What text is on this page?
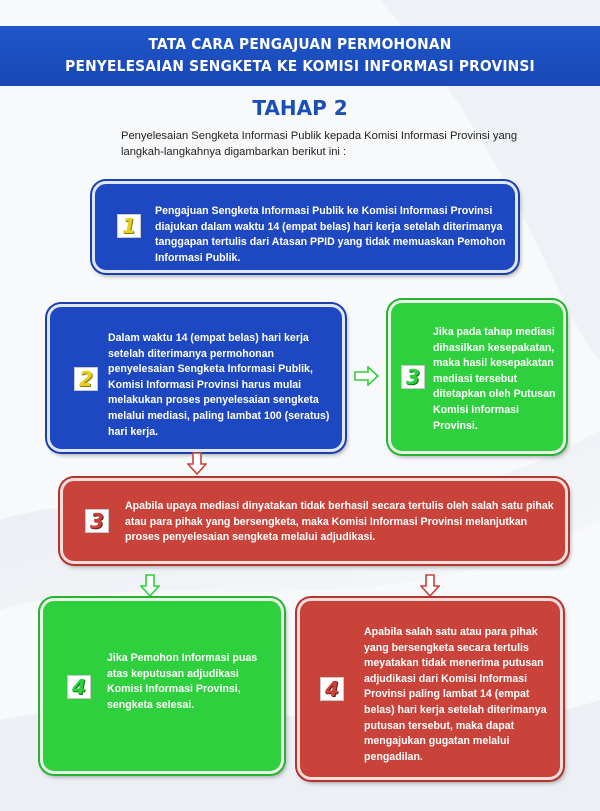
TATA CARA PENGAJUAN PERMOHONAN
PENYELESAIAN SENGKETA KE KOMISI INFORMASI PROVINSI
TAHAP 2
Penyelesaian Sengketa Informasi Publik kepada Komisi Informasi Provinsi yang langkah-langkahnya digambarkan berikut ini :
1
Pengajuan Sengketa Informasi Publik ke Komisi Informasi Provinsi diajukan dalam waktu 14 (empat belas) hari kerja setelah diterimanya tanggapan tertulis dari Atasan PPID yang tidak memuaskan Pemohon Informasi Publik.
2
Dalam waktu 14 (empat belas) hari kerja setelah diterimanya permohonan penyelesaian Sengketa Informasi Publik, Komisi Informasi Provinsi harus mulai melakukan proses penyelesaian sengketa melalui mediasi, paling lambat 100 (seratus) hari kerja.
3
Jika pada tahap mediasi dihasilkan kesepakatan, maka hasil kesepakatan mediasi tersebut ditetapkan oleh Putusan Komisi Informasi Provinsi.
3
Apabila upaya mediasi dinyatakan tidak berhasil secara tertulis oleh salah satu pihak atau para pihak yang bersengketa, maka Komisi Informasi Provinsi melanjutkan proses penyelesaian sengketa melalui adjudikasi.
4
Jika Pemohon Informasi puas atas keputusan adjudikasi Komisi Informasi Provinsi, sengketa selesai.
4
Apabila salah satu atau para pihak yang bersengketa secara tertulis meyatakan tidak menerima putusan adjudikasi dari Komisi Informasi Provinsi paling lambat 14 (empat belas) hari kerja setelah diterimanya putusan tersebut, maka dapat mengajukan gugatan melalui pengadilan.
